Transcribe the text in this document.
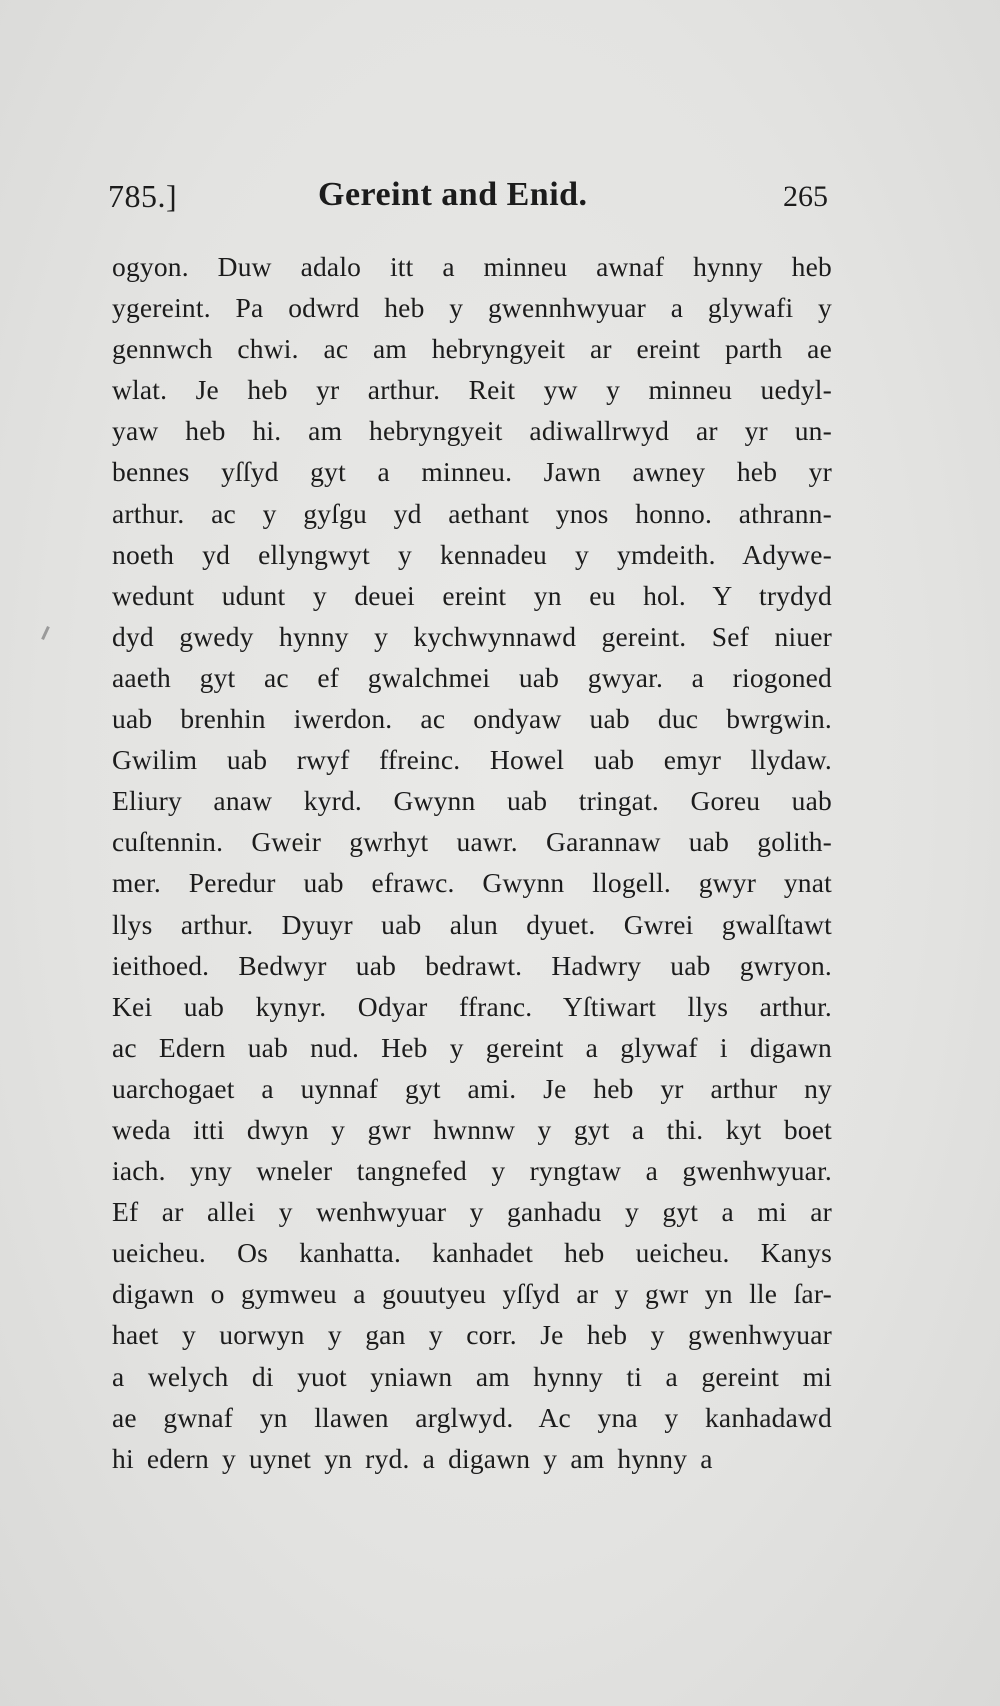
785.]	Gereint and Enid.	265
ogyon. Duw adalo itt a minneu awnaf hynny heb
ygereint. Pa odwrd heb y gwennhwyuar a glywafi y
gennwch chwi. ac am hebryngyeit ar ereint parth ae
wlat. Je heb yr arthur. Reit yw y minneu uedyl-
yaw heb hi. am hebryngyeit adiwallrwyd ar yr un-
bennes yſſyd gyt a minneu. Jawn awney heb yr
arthur. ac y gyſgu yd aethant ynos honno. athrann-
noeth yd ellyngwyt y kennadeu y ymdeith. Adywe-
wedunt udunt y deuei ereint yn eu hol. Y trydyd
dyd gwedy hynny y kychwynnawd gereint. Sef niuer
aaeth gyt ac ef gwalchmei uab gwyar. a riogoned
uab brenhin iwerdon. ac ondyaw uab duc bwrgwin.
Gwilim uab rwyf ffreinc. Howel uab emyr llydaw.
Eliury anaw kyrd. Gwynn uab tringat. Goreu uab
cuſtennin. Gweir gwrhyt uawr. Garannaw uab golith-
mer. Peredur uab efrawc. Gwynn llogell. gwyr ynat
llys arthur. Dyuyr uab alun dyuet. Gwrei gwalſtawt
ieithoed. Bedwyr uab bedrawt. Hadwry uab gwryon.
Kei uab kynyr. Odyar ffranc. Yſtiwart llys arthur.
ac Edern uab nud. Heb y gereint a glywaf i digawn
uarchogaet a uynnaf gyt ami. Je heb yr arthur ny
weda itti dwyn y gwr hwnnw y gyt a thi. kyt boet
iach. yny wneler tangnefed y ryngtaw a gwenhwyuar.
Ef ar allei y wenhwyuar y ganhadu y gyt a mi ar
ueicheu. Os kanhatta. kanhadet heb ueicheu. Kanys
digawn o gymweu a gouutyeu yſſyd ar y gwr yn lle ſar-
haet y uorwyn y gan y corr. Je heb y gwenhwyuar
a welych di yuot yniawn am hynny ti a gereint mi
ae gwnaf yn llawen arglwyd. Ac yna y kanhadawd
hi edern y uynet yn ryd. a digawn y am hynny a
